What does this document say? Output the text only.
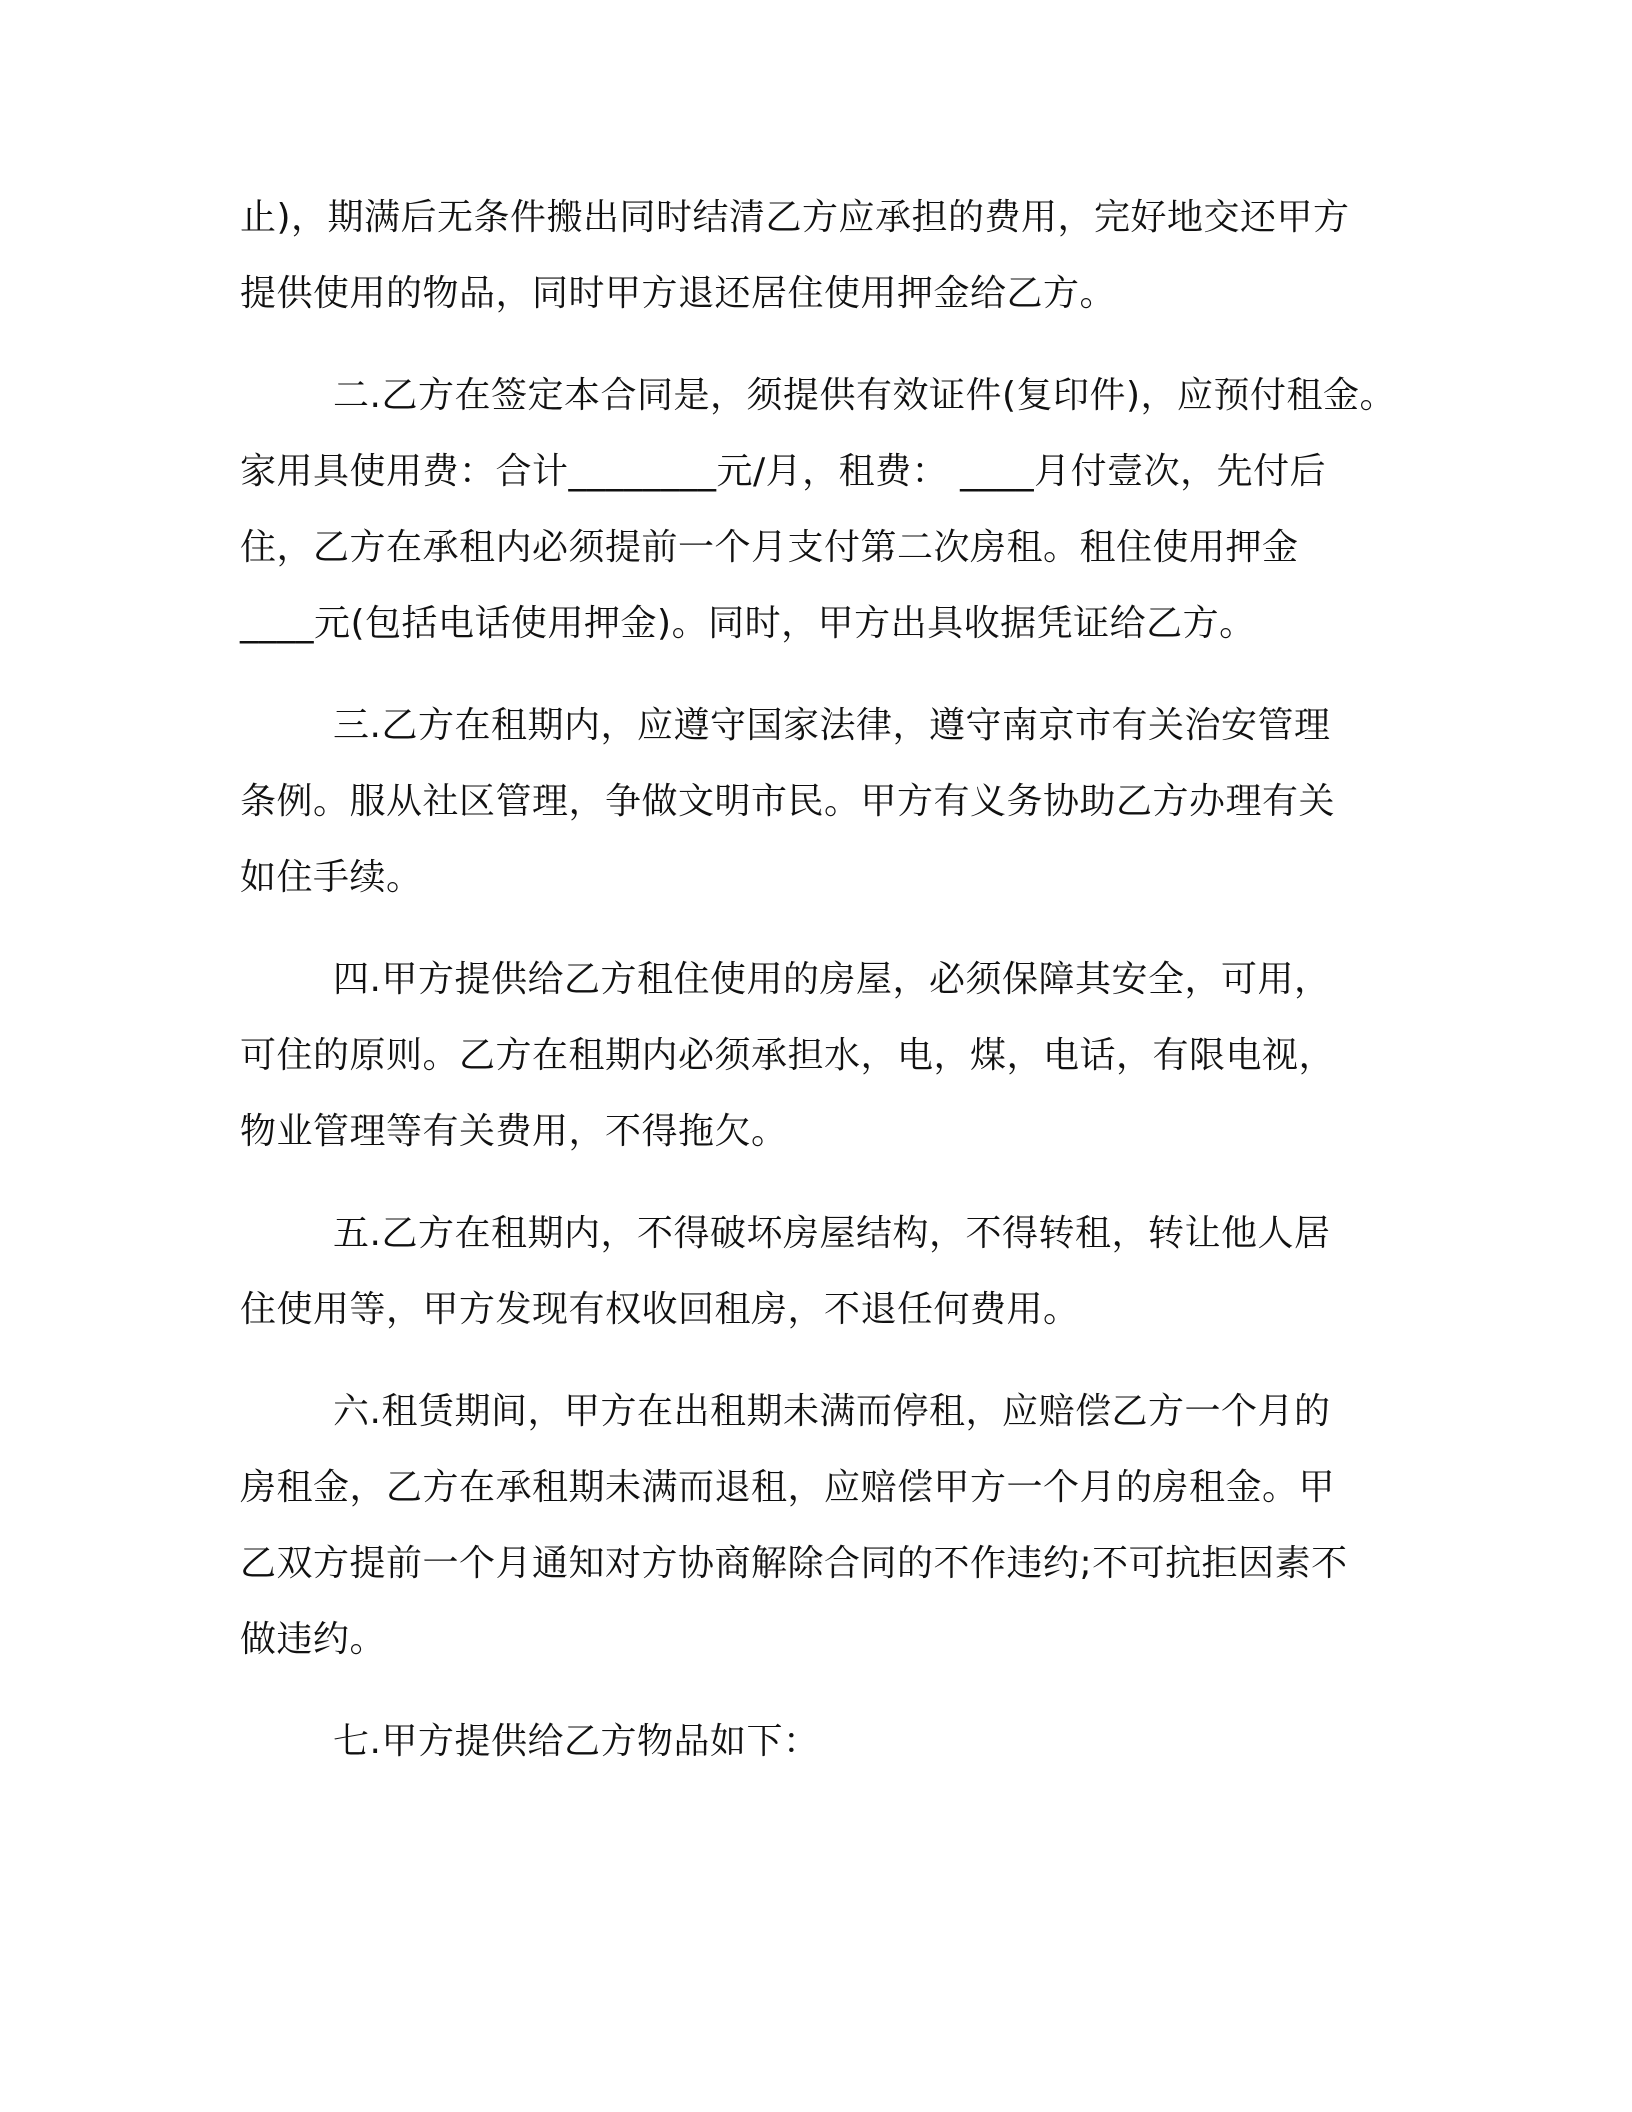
止)，期满后无条件搬出同时结清乙方应承担的费用，完好地交还甲方
提供使用的物品，同时甲方退还居住使用押金给乙方。
二.乙方在签定本合同是，须提供有效证件(复印件)，应预付租金。
家用具使用费：合计________元/月，租费： ____月付壹次，先付后
住，乙方在承租内必须提前一个月支付第二次房租。租住使用押金
____元(包括电话使用押金)。同时，甲方出具收据凭证给乙方。
三.乙方在租期内，应遵守国家法律，遵守南京市有关治安管理
条例。服从社区管理，争做文明市民。甲方有义务协助乙方办理有关
如住手续。
四.甲方提供给乙方租住使用的房屋，必须保障其安全，可用，
可住的原则。乙方在租期内必须承担水，电，煤，电话，有限电视，
物业管理等有关费用，不得拖欠。
五.乙方在租期内，不得破坏房屋结构，不得转租，转让他人居
住使用等，甲方发现有权收回租房，不退任何费用。
六.租赁期间，甲方在出租期未满而停租，应赔偿乙方一个月的
房租金，乙方在承租期未满而退租，应赔偿甲方一个月的房租金。甲
乙双方提前一个月通知对方协商解除合同的不作违约;不可抗拒因素不
做违约。
七.甲方提供给乙方物品如下：
